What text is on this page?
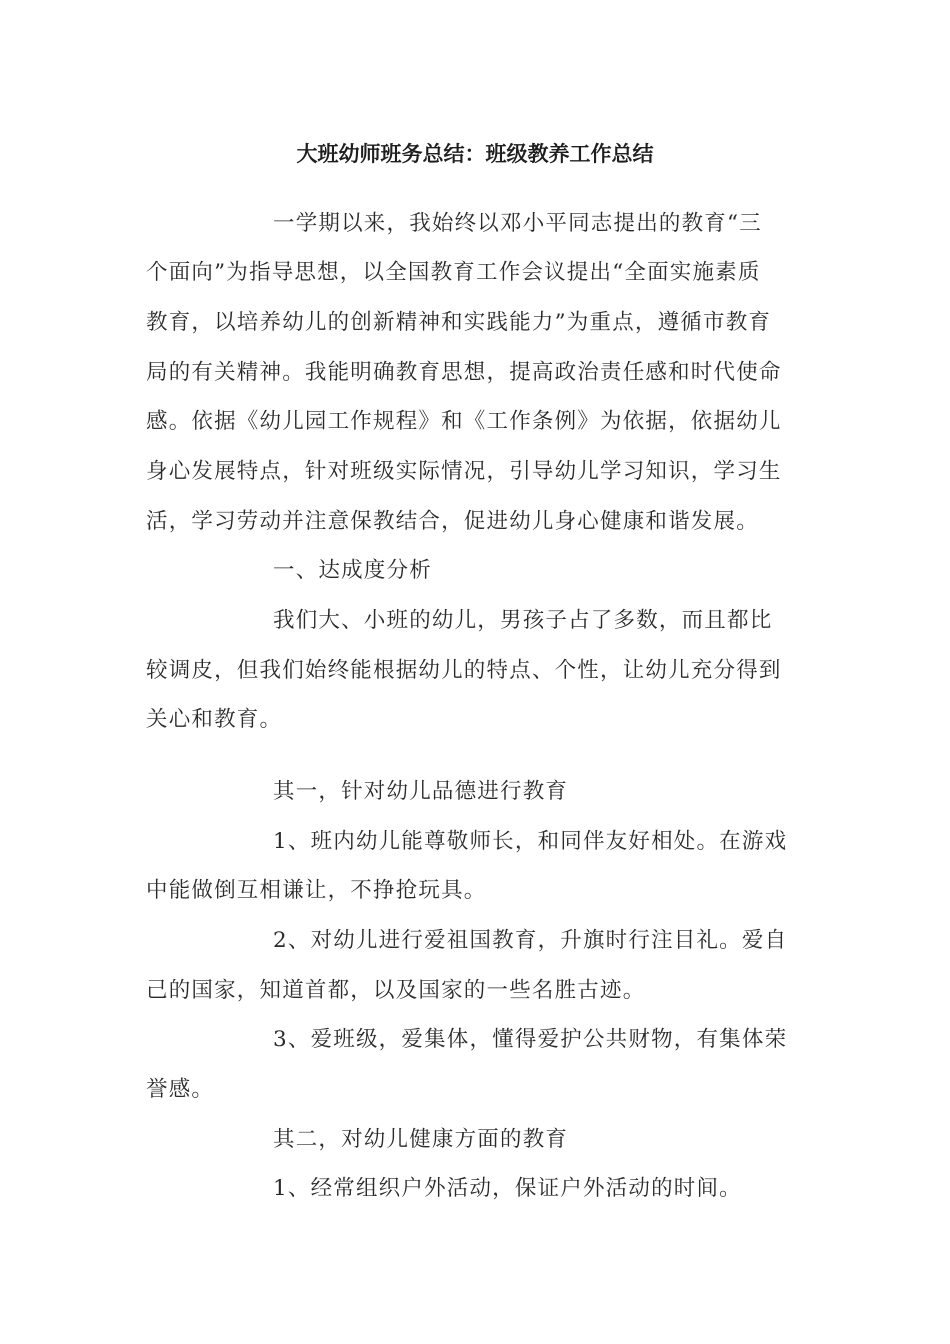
大班幼师班务总结：班级教养工作总结
一学期以来，我始终以邓小平同志提出的教育“三
个面向”为指导思想，以全国教育工作会议提出“全面实施素质
教育，以培养幼儿的创新精神和实践能力”为重点，遵循市教育
局的有关精神。我能明确教育思想，提高政治责任感和时代使命
感。依据《幼儿园工作规程》和《工作条例》为依据，依据幼儿
身心发展特点，针对班级实际情况，引导幼儿学习知识，学习生
活，学习劳动并注意保教结合，促进幼儿身心健康和谐发展。
一、达成度分析
我们大、小班的幼儿，男孩子占了多数，而且都比
较调皮，但我们始终能根据幼儿的特点、个性，让幼儿充分得到
关心和教育。
其一，针对幼儿品德进行教育
1、班内幼儿能尊敬师长，和同伴友好相处。在游戏
中能做倒互相谦让，不挣抢玩具。
2、对幼儿进行爱祖国教育，升旗时行注目礼。爱自
己的国家，知道首都，以及国家的一些名胜古迹。
3、爱班级，爱集体，懂得爱护公共财物，有集体荣
誉感。
其二，对幼儿健康方面的教育
1、经常组织户外活动，保证户外活动的时间。
